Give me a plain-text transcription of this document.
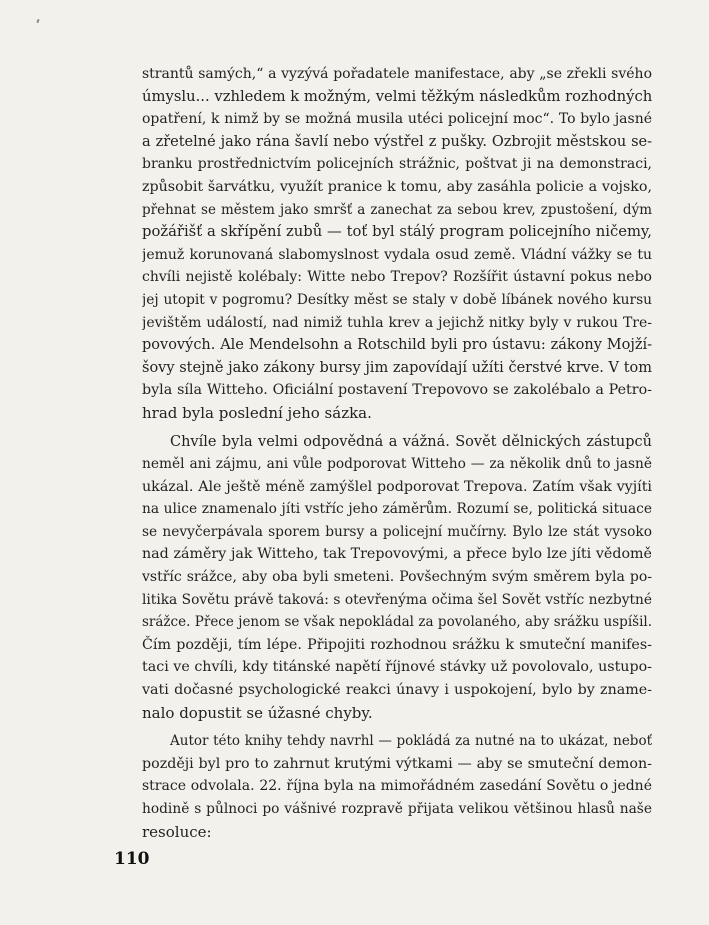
strantů samých,“ a vyzývá pořadatele manifestace, aby „se zřekli svého
úmyslu... vzhledem k možným, velmi těžkým následkům rozhodných
opatření, k nimž by se možná musila utéci policejní moc“. To bylo jasné
a zřetelné jako rána šavlí nebo výstřel z pušky. Ozbrojit městskou se-
branku prostřednictvím policejních strážnic, poštvat ji na demonstraci,
způsobit šarvátku, využít pranice k tomu, aby zasáhla policie a vojsko,
přehnat se městem jako smršť a zanechat za sebou krev, zpustošení, dým
požářišť a skřípění zubů — toť byl stálý program policejního ničemy,
jemuž korunovaná slabomyslnost vydala osud země. Vládní vážky se tu
chvíli nejistě kolébaly: Witte nebo Trepov? Rozšířit ústavní pokus nebo
jej utopit v pogromu? Desítky měst se staly v době líbánek nového kursu
jevištěm událostí, nad nimiž tuhla krev a jejichž nitky byly v rukou Tre-
povových. Ale Mendelsohn a Rotschild byli pro ústavu: zákony Mojží-
šovy stejně jako zákony bursy jim zapovídají užíti čerstvé krve. V tom
byla síla Witteho. Oficiální postavení Trepovovo se zakolébalo a Petro-
hrad byla poslední jeho sázka.

Chvíle byla velmi odpovědná a vážná. Sovět dělnických zástupců
neměl ani zájmu, ani vůle podporovat Witteho — za několik dnů to jasně
ukázal. Ale ještě méně zamýšlel podporovat Trepova. Zatím však vyjíti
na ulice znamenalo jíti vstříc jeho záměrům. Rozumí se, politická situace
se nevyčerpávala sporem bursy a policejní mučírny. Bylo lze stát vysoko
nad záměry jak Witteho, tak Trepovovými, a přece bylo lze jíti vědomě
vstříc srážce, aby oba byli smeteni. Povšechným svým směrem byla po-
litika Sovětu právě taková: s otevřenýma očima šel Sovět vstříc nezbytné
srážce. Přece jenom se však nepokládal za povolaného, aby srážku uspíšil.
Čím později, tím lépe. Připojiti rozhodnou srážku k smuteční manifes-
taci ve chvíli, kdy titánské napětí říjnové stávky už povolovalo, ustupo-
vati dočasné psychologické reakci únavy i uspokojení, bylo by znamе-
nalo dopustit se úžasné chyby.

Autor této knihy tehdy navrhl — pokládá za nutné na to ukázat, neboť
později byl pro to zahrnut krutými výtkami — aby se smuteční demon-
strace odvolala. 22. října byla na mimořádném zasedání Sovětu o jedné
hodině s půlnoci po vášnivé rozpravě přijata velikou většinou hlasů naše
resoluce:

110
